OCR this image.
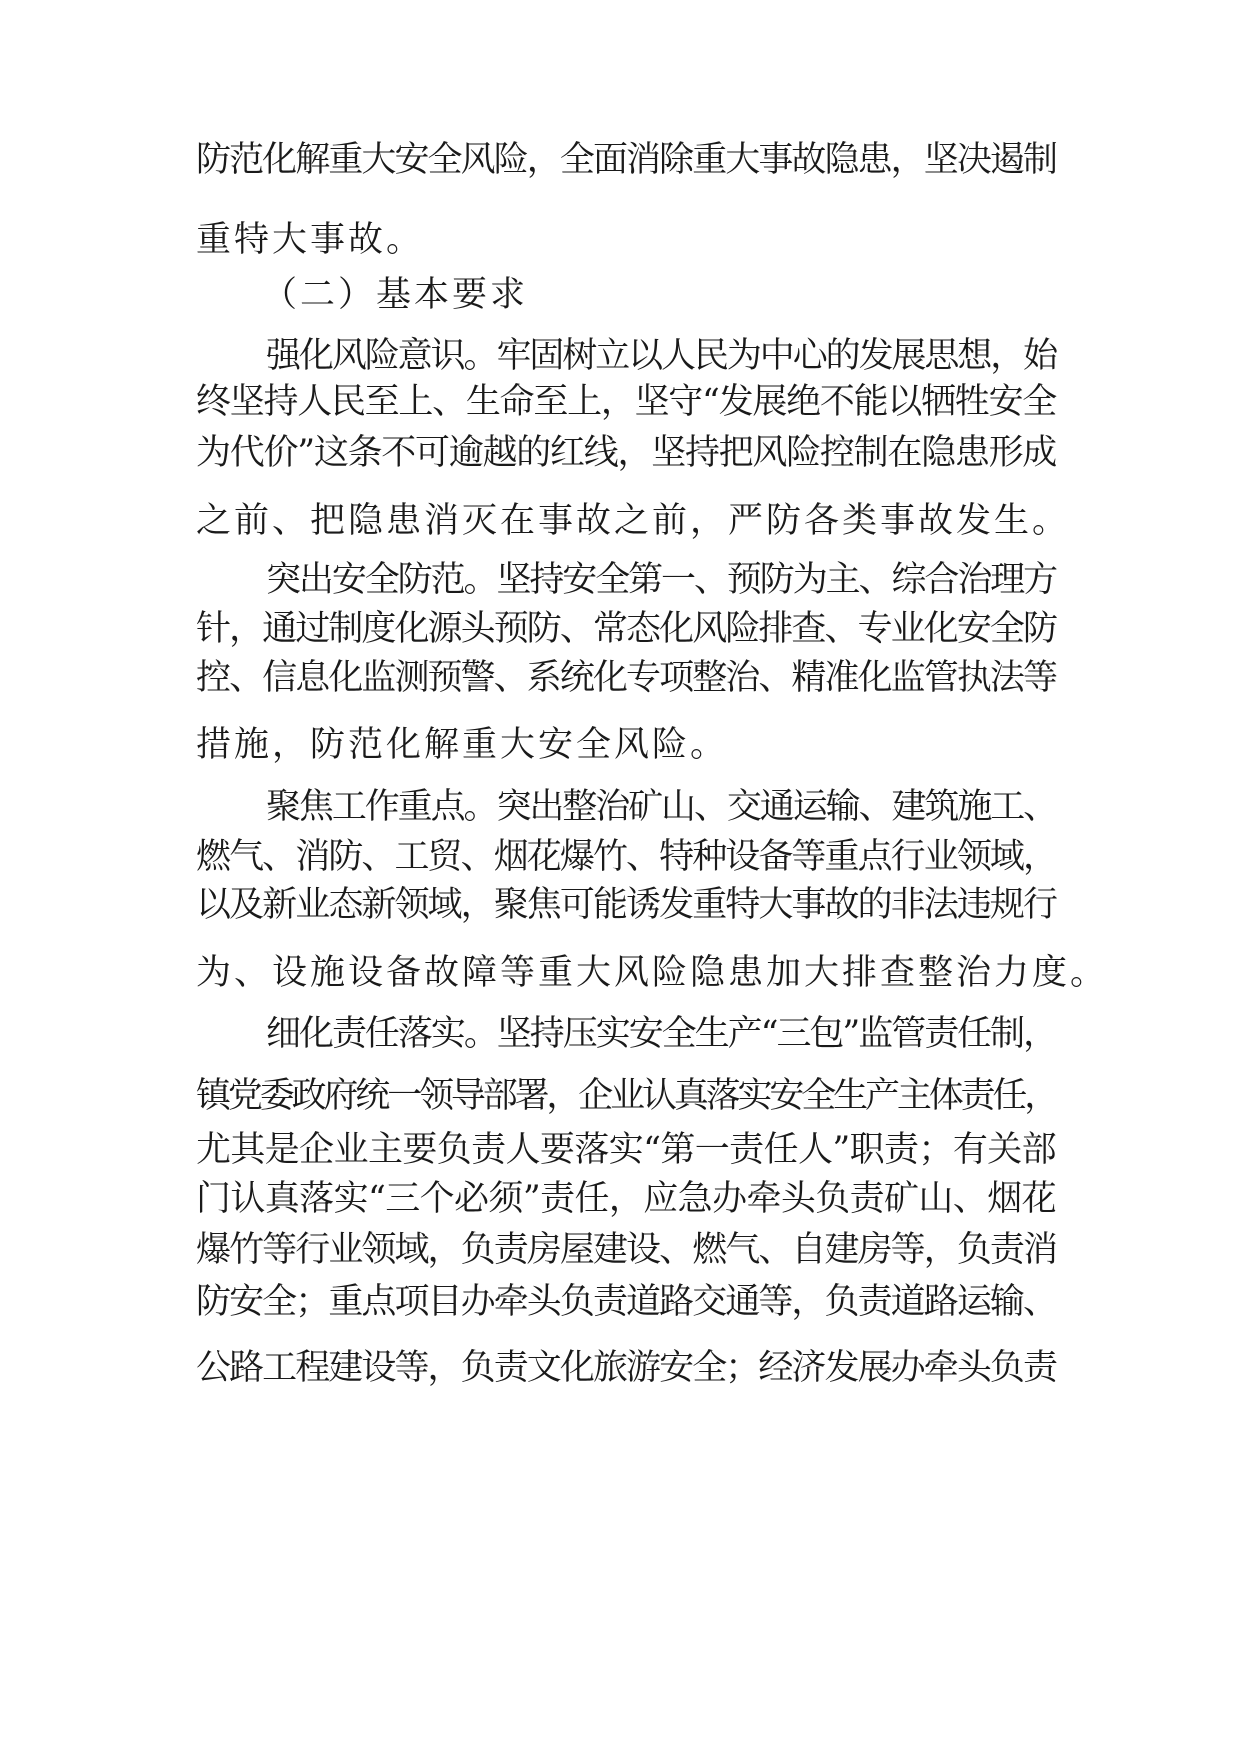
防范化解重大安全风险，全面消除重大事故隐患，坚决遏制
重特大事故。
（二）基本要求
强化风险意识。牢固树立以人民为中心的发展思想，始
终坚持人民至上、生命至上，坚守“发展绝不能以牺牲安全
为代价”这条不可逾越的红线，坚持把风险控制在隐患形成
之前、把隐患消灭在事故之前，严防各类事故发生。
突出安全防范。坚持安全第一、预防为主、综合治理方
针，通过制度化源头预防、常态化风险排查、专业化安全防
控、信息化监测预警、系统化专项整治、精准化监管执法等
措施，防范化解重大安全风险。
聚焦工作重点。突出整治矿山、交通运输、建筑施工、
燃气、消防、工贸、烟花爆竹、特种设备等重点行业领域，
以及新业态新领域，聚焦可能诱发重特大事故的非法违规行
为、设施设备故障等重大风险隐患加大排查整治力度。
细化责任落实。坚持压实安全生产“三包”监管责任制，
镇党委政府统一领导部署，企业认真落实安全生产主体责任，
尤其是企业主要负责人要落实“第一责任人”职责；有关部
门认真落实“三个必须”责任，应急办牵头负责矿山、烟花
爆竹等行业领域，负责房屋建设、燃气、自建房等，负责消
防安全；重点项目办牵头负责道路交通等，负责道路运输、
公路工程建设等，负责文化旅游安全；经济发展办牵头负责
